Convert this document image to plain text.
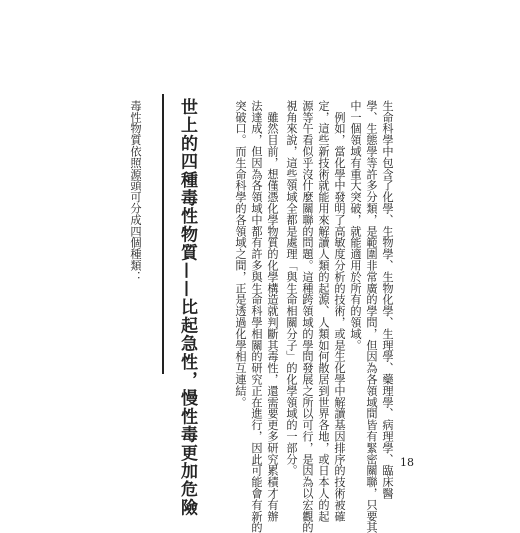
生命科學中包含了化學、生物學、生物化學、生理學、藥理學、病理學、臨床醫
學、生態學等許多分類，是範圍非常廣的學問，但因為各領域間皆有緊密關聯，只要其
中一個領域有重大突破，就能適用於所有的領域。
　例如，當化學中發明了高敏度分析的技術，或是生化學中解讀基因排序的技術被確
定，這些新技術就能用來解讀人類的起源、人類如何散居到世界各地，或日本人的起
源等午看似乎沒什麼關聯的問題。這種跨領域的學問發展之所以可行，是因為以宏觀的
視角來說，這些領域全都是處理「與生命相關分子」的化學領域的一部分。
　雖然目前，想僅憑化學物質的化學構造就判斷其毒性，還需要更多研究累積才有辦
法達成，但因為各領域中都有許多與生命科學相關的研究正在進行，因此可能會有新的
突破口。而生命科學的各領域之間，正是透過化學相互連結。
世上的四種毒性物質——比起急性，慢性毒更加危險
毒性物質依照源頭可分成四個種類：
18
